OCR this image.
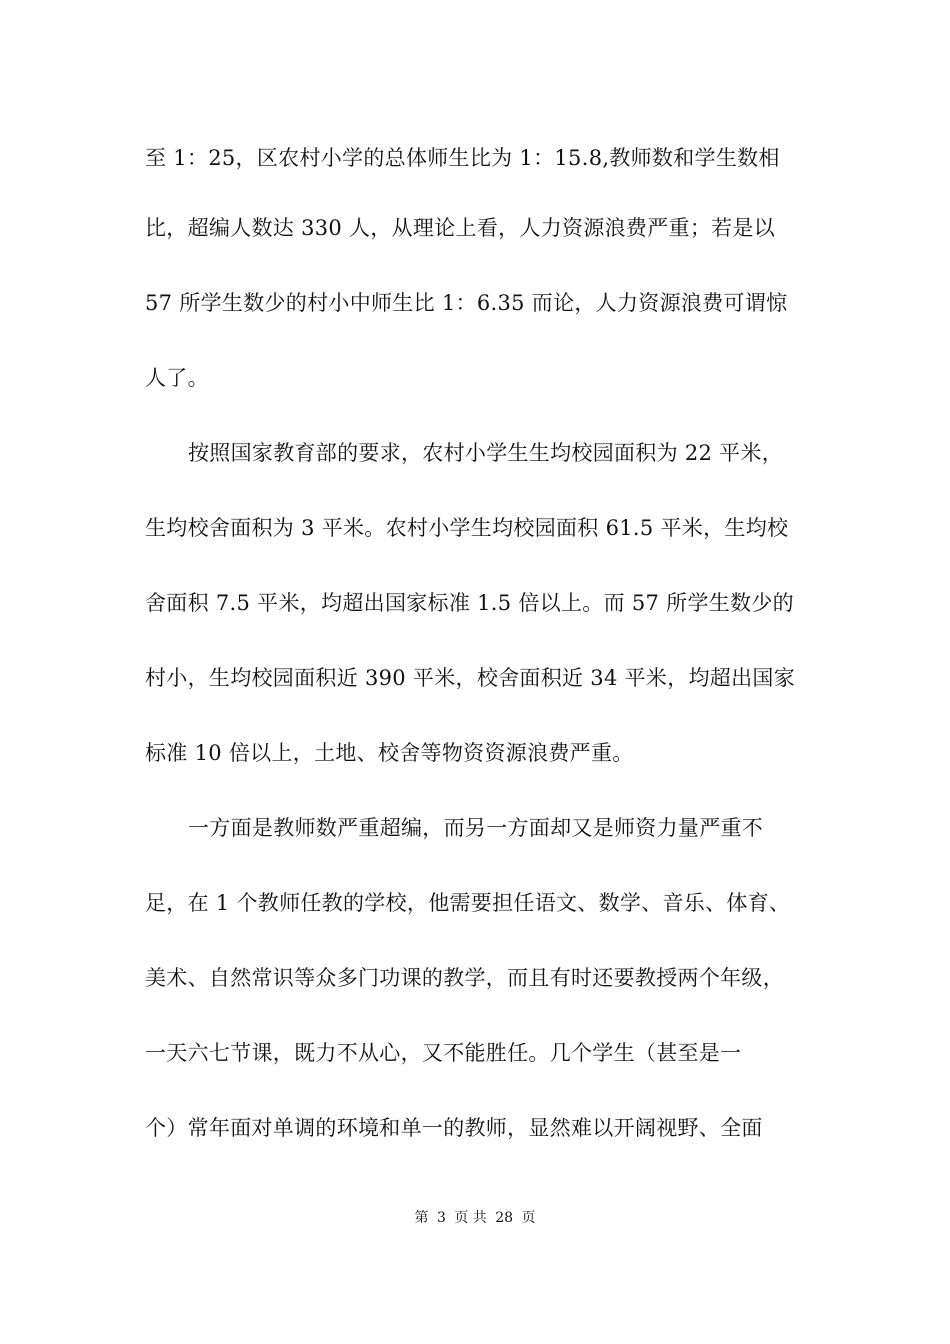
至 1：25，区农村小学的总体师生比为 1：15.8,教师数和学生数相
比，超编人数达 330 人，从理论上看，人力资源浪费严重；若是以
57 所学生数少的村小中师生比 1：6.35 而论，人力资源浪费可谓惊
人了。
按照国家教育部的要求，农村小学生生均校园面积为 22 平米，
生均校舍面积为 3 平米。农村小学生均校园面积 61.5 平米，生均校
舍面积 7.5 平米，均超出国家标准 1.5 倍以上。而 57 所学生数少的
村小，生均校园面积近 390 平米，校舍面积近 34 平米，均超出国家
标准 10 倍以上，土地、校舍等物资资源浪费严重。
一方面是教师数严重超编，而另一方面却又是师资力量严重不
足，在 1 个教师任教的学校，他需要担任语文、数学、音乐、体育、
美术、自然常识等众多门功课的教学，而且有时还要教授两个年级，
一天六七节课，既力不从心，又不能胜任。几个学生（甚至是一
个）常年面对单调的环境和单一的教师，显然难以开阔视野、全面
第 3 页 共 28 页
